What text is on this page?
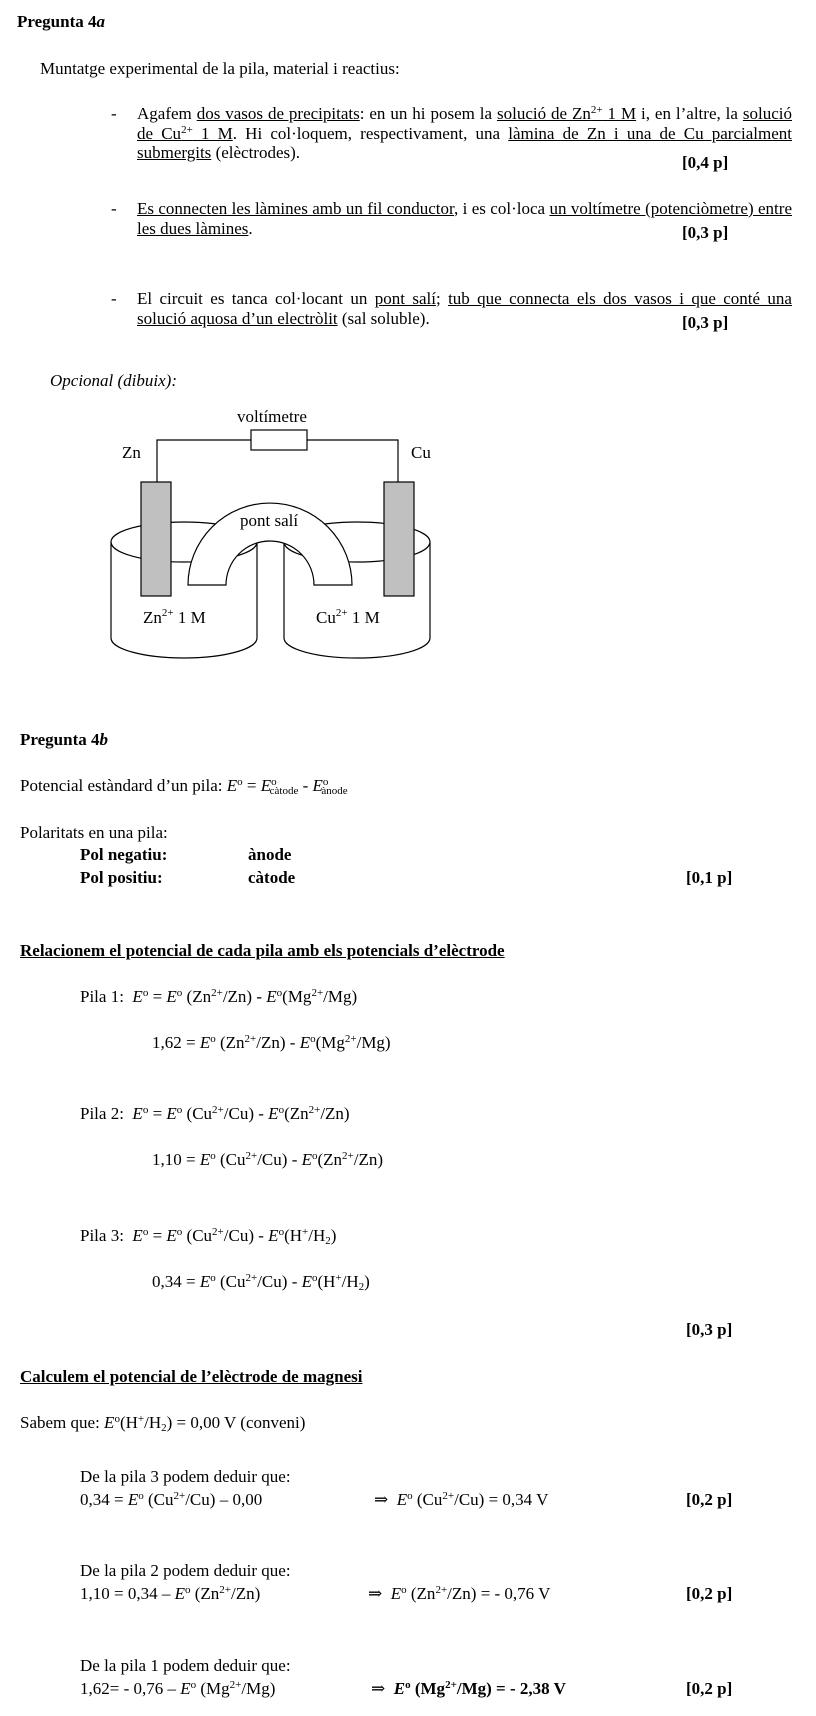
Pregunta 4a
Muntatge experimental de la pila, material i reactius:
- Agafem dos vasos de precipitats: en un hi posem la solució de $Zn^{2+}$ 1 M i, en l’altre, la solució de $Cu^{2+}$ 1 M. Hi col·loquem, respectivament, una làmina de Zn i una de Cu parcialment submergits (elèctrodes).

[0,4 p]
- Es connecten les làmines amb un fil conductor, i es col·loca un voltímetre (potenciòmetre) entre les dues làmines.	[0,3 p]
- El circuit es tanca col·locant un pont salí; tub que connecta els dos vasos i que conté una solució aquosa d’un electròlit (sal soluble).	[0,3 p]
Opcional (dibuix):
voltímetre
Zn	Cu
pont salí
$Zn^{2+}$ 1 M	$Cu^{2+}$ 1 M
Pregunta 4b
Potencial estàndard d’un pila: $E^o = E^o_{càtode} - E^o_{ànode}$
Polaritats en una pila:
Pol negatiu:	ànode
Pol positiu:	càtode	[0,1 p]
Relacionem el potencial de cada pila amb els potencials d’elèctrode
Pila 1: $E^o = E^o$ $(Zn^{2+}/Zn) - E^o(Mg^{2+}/Mg)$
$1,62 = E^o$ $(Zn^{2+}/Zn) - E^o(Mg^{2+}/Mg)$
Pila 2: $E^o = E^o$ $(Cu^{2+}/Cu) - E^o(Zn^{2+}/Zn)$
$1,10 = E^o$ $(Cu^{2+}/Cu) - E^o(Zn^{2+}/Zn)$
Pila 3: $E^o = E^o$ $(Cu^{2+}/Cu) - E^o(H^+/H_2)$
$0,34 = E^o$ $(Cu^{2+}/Cu) - E^o(H^+/H_2)$
[0,3 p]
Calculem el potencial de l’elèctrode de magnesi
Sabem que: $E^o(H^+/H_2) = 0,00$ V (conveni)
De la pila 3 podem deduir que:
$0,34 = E^o$ $(Cu^{2+}/Cu) - 0,00$	⇒ $E^o$ $(Cu^{2+}/Cu) = 0,34$ V	[0,2 p]
De la pila 2 podem deduir que:
$1,10 = 0,34 - E^o$ $(Zn^{2+}/Zn)$	⇒ $E^o$ $(Zn^{2+}/Zn)$ = - 0,76 V	[0,2 p]
De la pila 1 podem deduir que:
$1,62= - 0,76 - E^o$ $(Mg^{2+}/Mg)$	⇒ $E^o$ $(Mg^{2+}/Mg)$ = - 2,38 V	[0,2 p]
